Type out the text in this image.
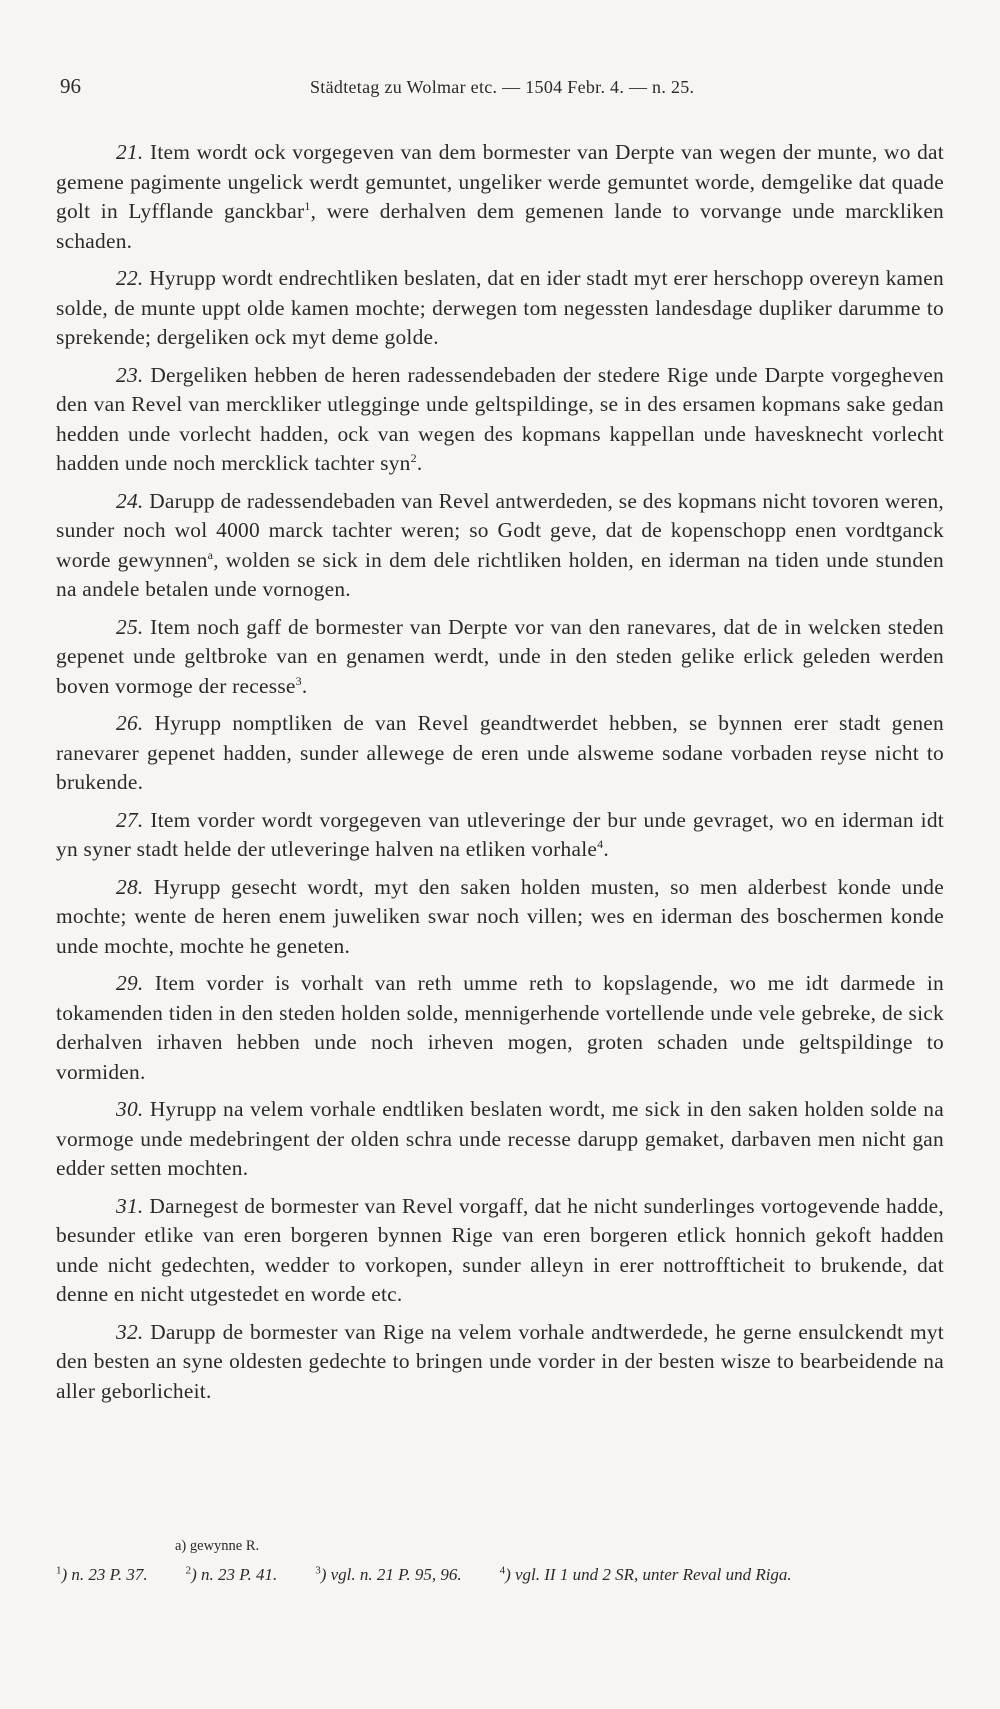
96	Städtetag zu Wolmar etc. — 1504 Febr. 4. — n. 25.

21. Item wordt ock vorgegeven van dem bormester van Derpte van wegen der munte, wo dat gemene pagimente ungelick werdt gemuntet, ungeliker werde gemuntet worde, demgelike dat quade golt in Lyfflande ganckbar$^1$, were derhalven dem gemenen lande to vorvange unde marckliken schaden.

22. Hyrupp wordt endrechtliken beslaten, dat en ider stadt myt erer herschopp overeyn kamen solde, de munte uppt olde kamen mochte; derwegen tom negessten landesdage dupliker darumme to sprekende; dergeliken ock myt deme golde.

23. Dergeliken hebben de heren radessendebaden der stedere Rige unde Darpte vorgegheven den van Revel van merckliker utlegginge unde geltspildinge, se in des ersamen kopmans sake gedan hedden unde vorlecht hadden, ock van wegen des kopmans kappellan unde havesknecht vorlecht hadden unde noch mercklick tachter syn$^2$.

24. Darupp de radessendebaden van Revel antwerdeden, se des kopmans nicht tovoren weren, sunder noch wol 4000 marck tachter weren; so Godt geve, dat de kopenschopp enen vordtganck worde gewynnen$^a$, wolden se sick in dem dele richtliken holden, en iderman na tiden unde stunden na andele betalen unde vornogen.

25. Item noch gaff de bormester van Derpte vor van den ranevares, dat de in welcken steden gepenet unde geltbroke van en genamen werdt, unde in den steden gelike erlick geleden werden boven vormoge der recesse$^3$.

26. Hyrupp nomptliken de van Revel geandtwerdet hebben, se bynnen erer stadt genen ranevarer gepenet hadden, sunder allewege de eren unde alsweme sodane vorbaden reyse nicht to brukende.

27. Item vorder wordt vorgegeven van utleveringe der bur unde gevraget, wo en iderman idt yn syner stadt helde der utleveringe halven na etliken vorhale$^4$.

28. Hyrupp gesecht wordt, myt den saken holden musten, so men alderbest konde unde mochte; wente de heren enem juweliken swar noch villen; wes en iderman des boschermen konde unde mochte, mochte he geneten.

29. Item vorder is vorhalt van reth umme reth to kopslagende, wo me idt darmede in tokamenden tiden in den steden holden solde, mennigerhende vortellende unde vele gebreke, de sick derhalven irhaven hebben unde noch irheven mogen, groten schaden unde geltspildinge to vormiden.

30. Hyrupp na velem vorhale endtliken beslaten wordt, me sick in den saken holden solde na vormoge unde medebringent der olden schra unde recesse darupp gemaket, darbaven men nicht gan edder setten mochten.

31. Darnegest de bormester van Revel vorgaff, dat he nicht sunderlinges vortogevende hadde, besunder etlike van eren borgeren bynnen Rige van eren borgeren etlick honnich gekoft hadden unde nicht gedechten, wedder to vorkopen, sunder alleyn in erer nottroffticheit to brukende, dat denne en nicht utgestedet en worde etc.

32. Darupp de bormester van Rige na velem vorhale andtwerdede, he gerne ensulckendt myt den besten an syne oldesten gedechte to bringen unde vorder in der besten wisze to bearbeidende na aller geborlicheit.

a) gewynne R.
$^1$) n. 23 P. 37.	$^2$) n. 23 P. 41.	$^3$) vgl. n. 21 P. 95, 96.	$^4$) vgl. II 1 und 2 SR, unter Reval und Riga.
